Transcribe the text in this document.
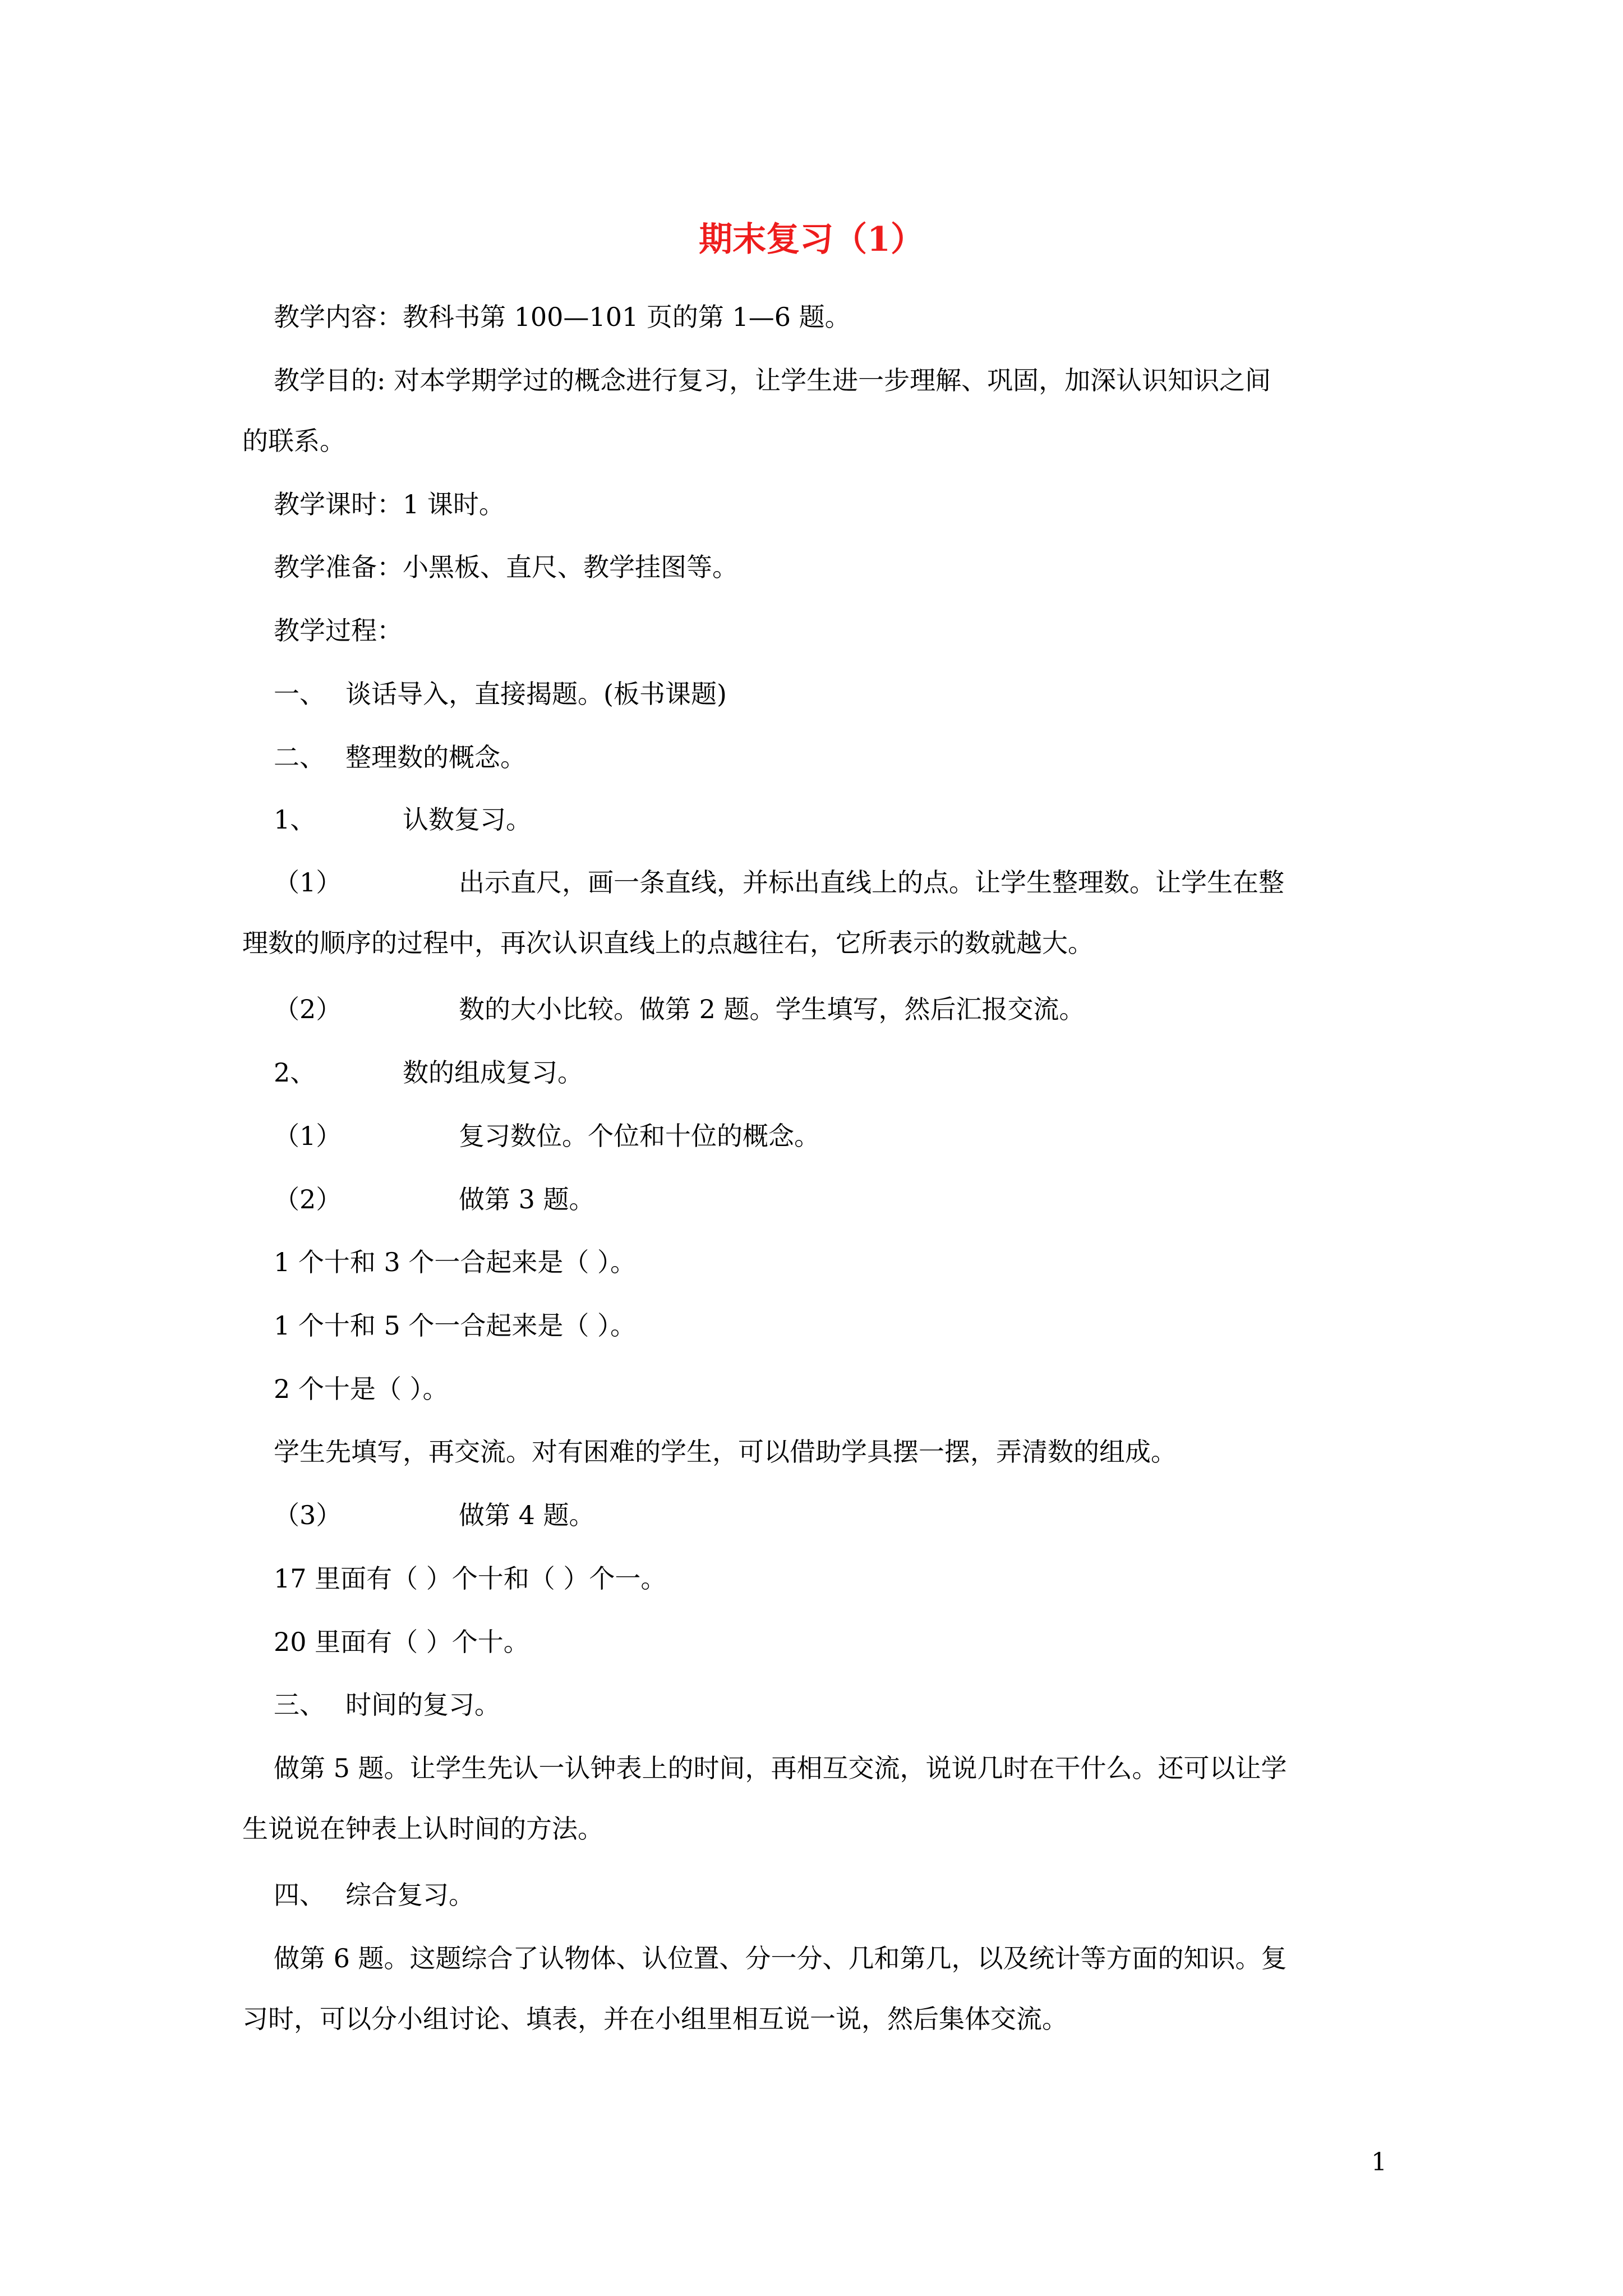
期末复习（1）
教学内容：教科书第 100—101 页的第 1—6 题。
教学目的: 对本学期学过的概念进行复习，让学生进一步理解、巩固，加深认识知识之间
的联系。
教学课时：1 课时。
教学准备：小黑板、直尺、教学挂图等。
教学过程：
一、 谈话导入，直接揭题。(板书课题)
二、 整理数的概念。
1、	认数复习。
（1）	出示直尺，画一条直线，并标出直线上的点。让学生整理数。让学生在整
理数的顺序的过程中，再次认识直线上的点越往右，它所表示的数就越大。
（2）	数的大小比较。做第 2 题。学生填写，然后汇报交流。
2、	数的组成复习。
（1）	复习数位。个位和十位的概念。
（2）	做第 3 题。
1 个十和 3 个一合起来是（ ）。
1 个十和 5 个一合起来是（ ）。
2 个十是（ ）。
学生先填写，再交流。对有困难的学生，可以借助学具摆一摆，弄清数的组成。
（3）	做第 4 题。
17 里面有（ ）个十和（ ）个一。
20 里面有（ ）个十。
三、 时间的复习。
做第 5 题。让学生先认一认钟表上的时间，再相互交流，说说几时在干什么。还可以让学
生说说在钟表上认时间的方法。
四、 综合复习。
做第 6 题。这题综合了认物体、认位置、分一分、几和第几，以及统计等方面的知识。复
习时，可以分小组讨论、填表，并在小组里相互说一说，然后集体交流。
1
